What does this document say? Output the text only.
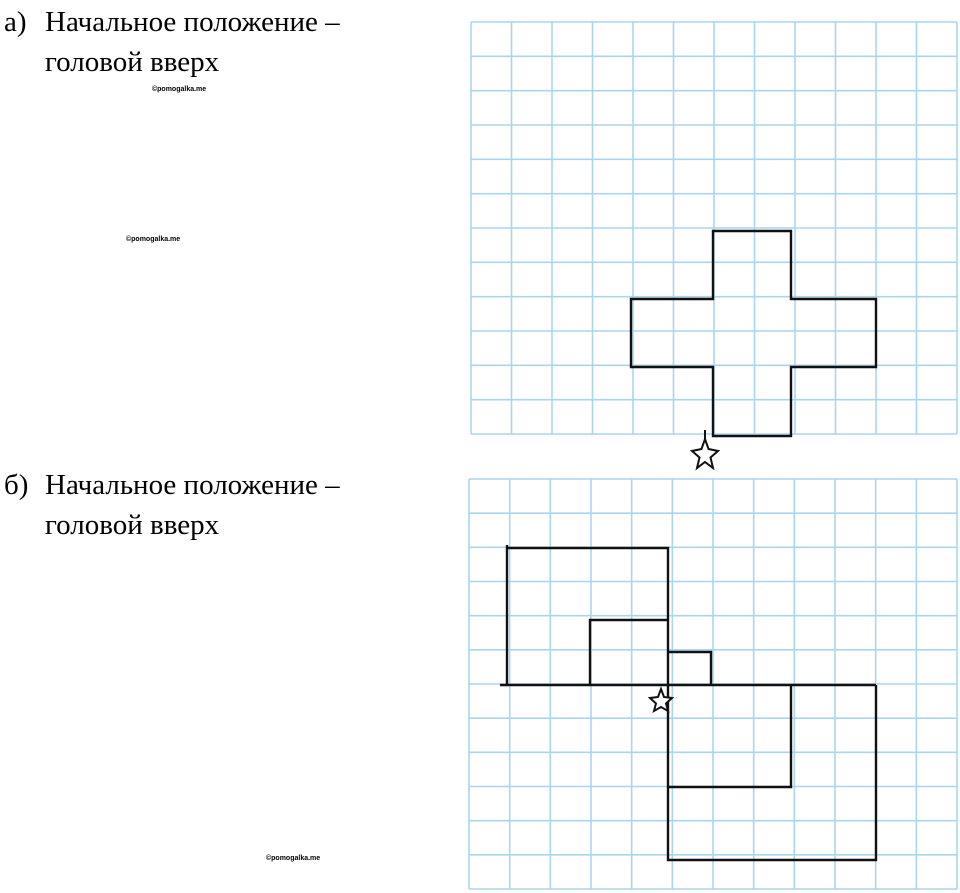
а) Начальное положение –
головой вверх
б) Начальное положение –
головой вверх
©pomogalka.me
©pomogalka.me
©pomogalka.me
